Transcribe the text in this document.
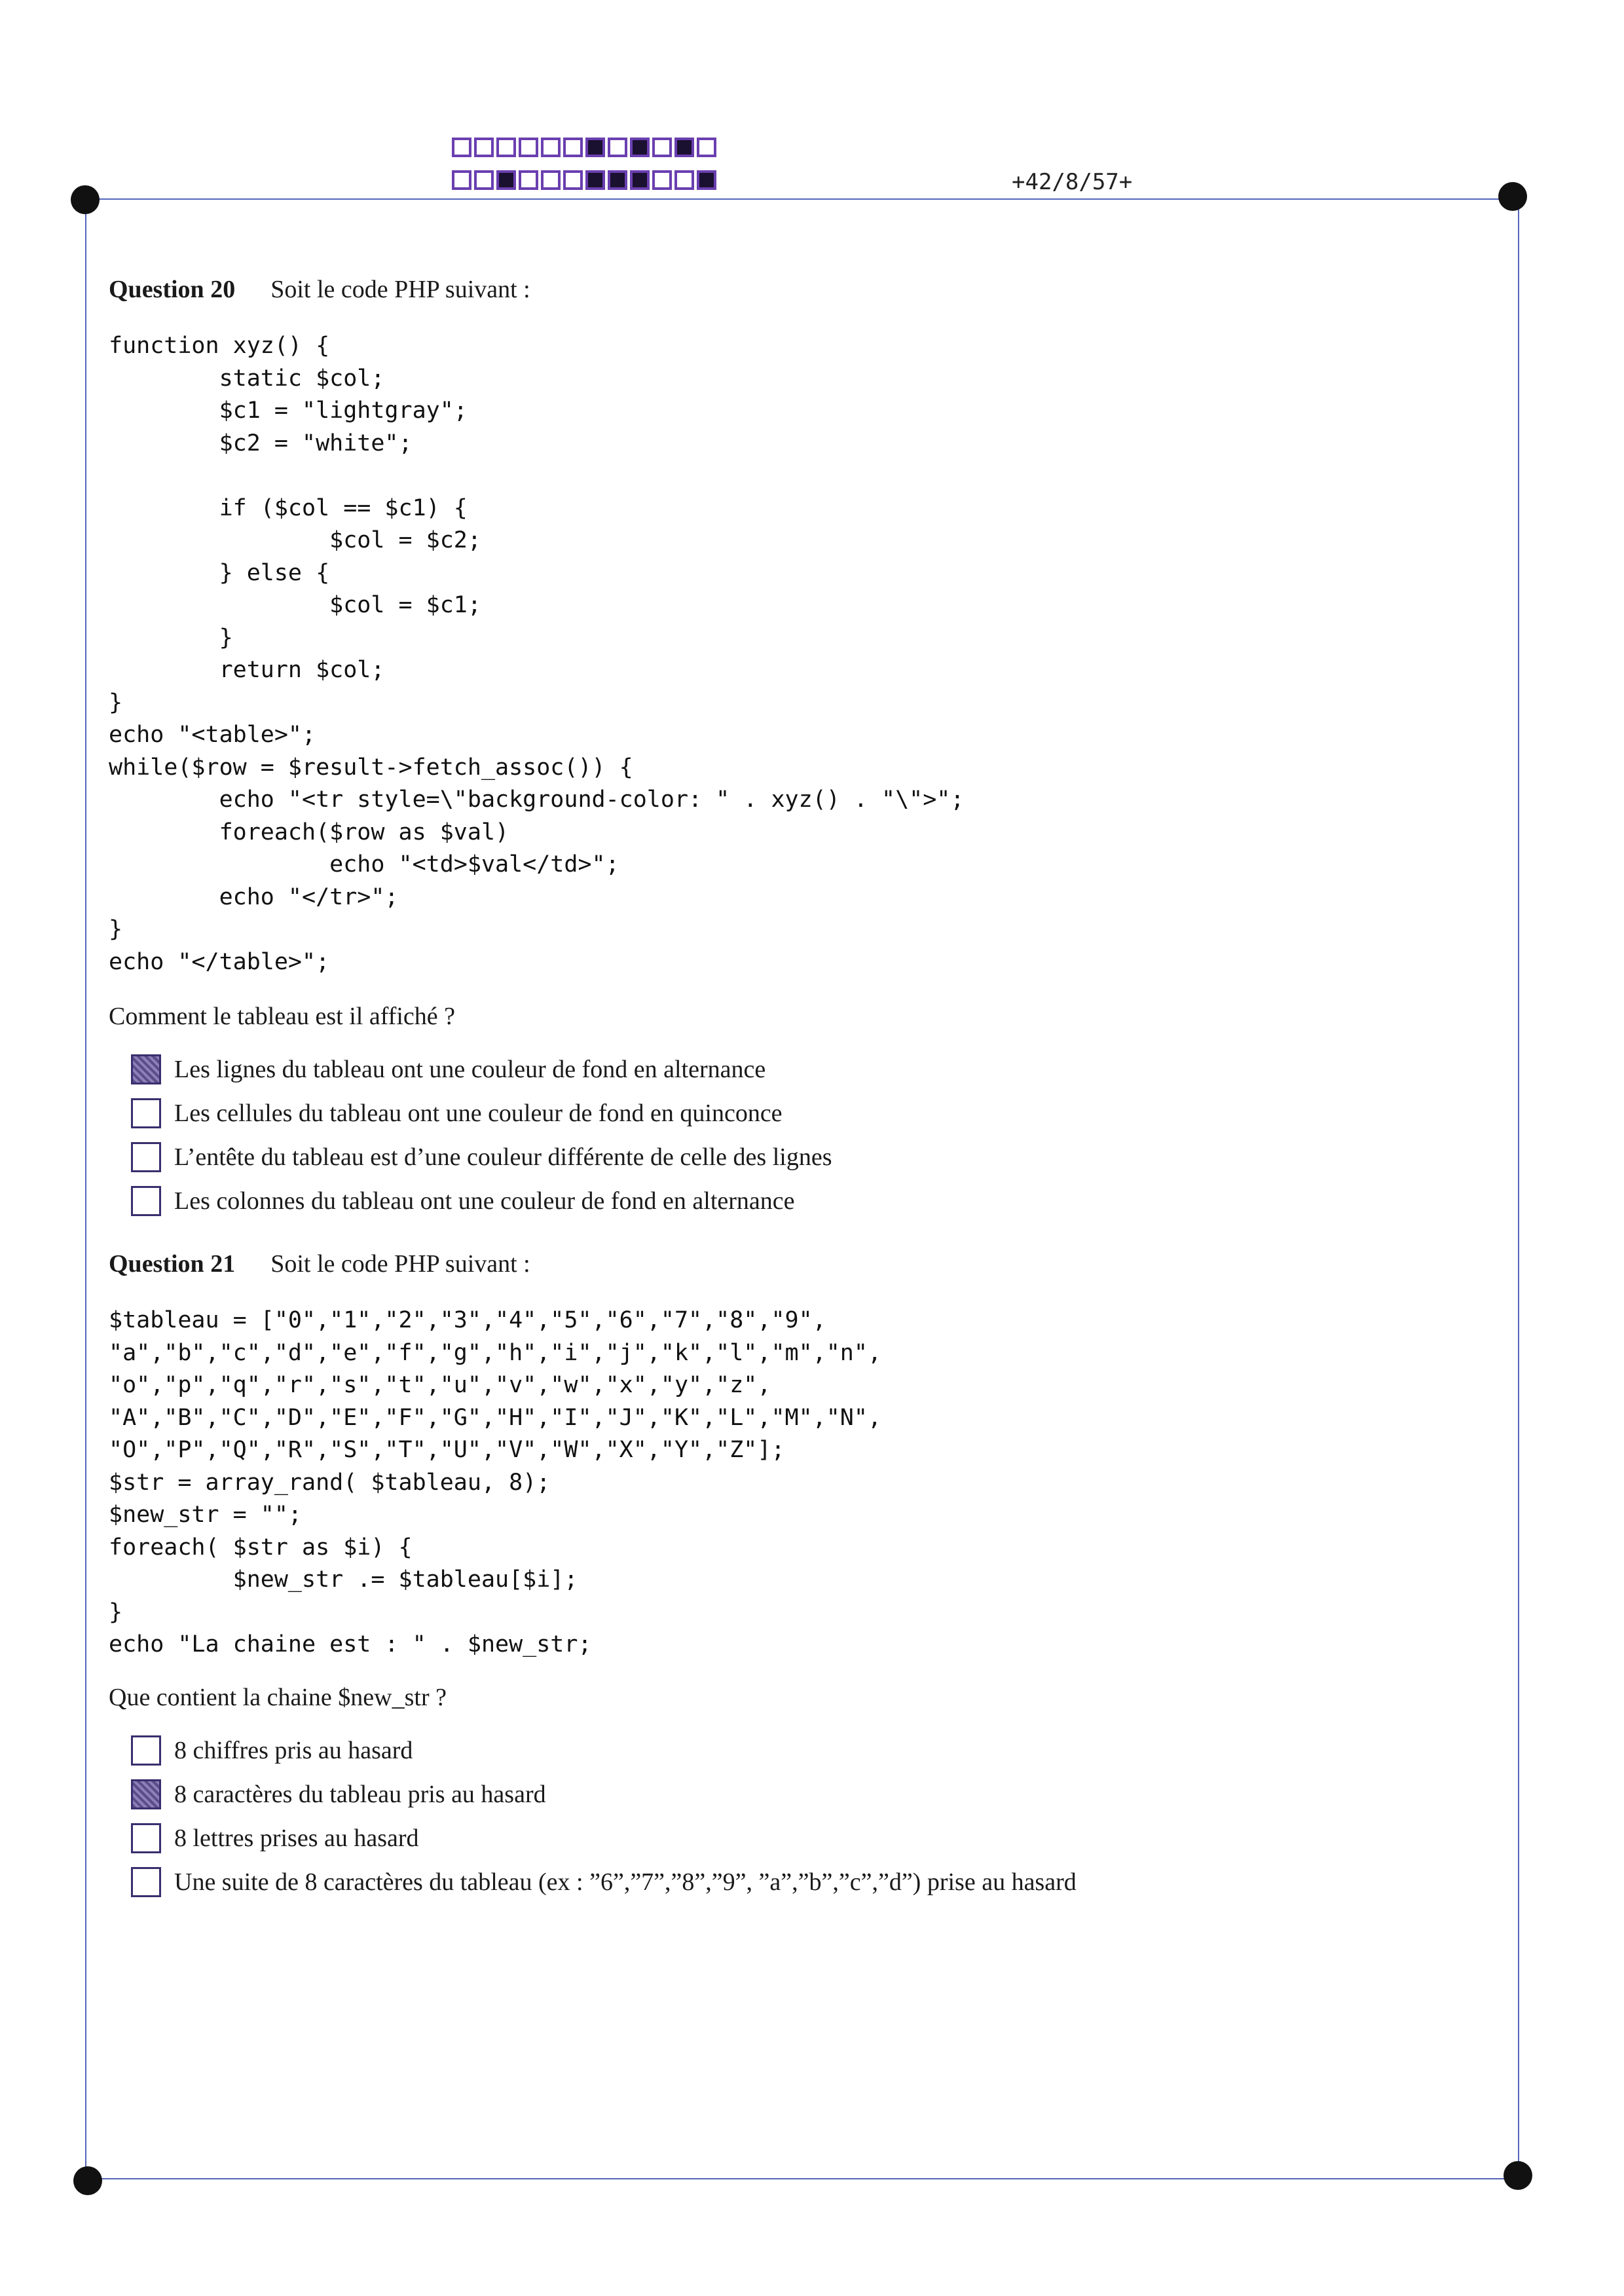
+42/8/57+
Question 20 Soit le code PHP suivant :
function xyz() {
static $col;
$c1 = "lightgray";
$c2 = "white";

if ($col == $c1) {
$col = $c2;
} else {
$col = $c1;
}
return $col;
}
echo "<table>";
while($row = $result->fetch_assoc()) {
echo "<tr style=\"background-color: " . xyz() . "\">";
foreach($row as $val)
echo "<td>$val</td>";
echo "</tr>";
}
echo "</table>";
Comment le tableau est il affiché ?
Les lignes du tableau ont une couleur de fond en alternance
Les cellules du tableau ont une couleur de fond en quinconce
L’entête du tableau est d’une couleur différente de celle des lignes
Les colonnes du tableau ont une couleur de fond en alternance
Question 21 Soit le code PHP suivant :
$tableau = ["0","1","2","3","4","5","6","7","8","9",
"a","b","c","d","e","f","g","h","i","j","k","l","m","n",
"o","p","q","r","s","t","u","v","w","x","y","z",
"A","B","C","D","E","F","G","H","I","J","K","L","M","N",
"O","P","Q","R","S","T","U","V","W","X","Y","Z"];
$str = array_rand( $tableau, 8);
$new_str = "";
foreach( $str as $i) {
$new_str .= $tableau[$i];
}
echo "La chaine est : " . $new_str;
Que contient la chaine $new_str ?
8 chiffres pris au hasard
8 caractères du tableau pris au hasard
8 lettres prises au hasard
Une suite de 8 caractères du tableau (ex : ”6”,”7”,”8”,”9”, ”a”,”b”,”c”,”d”) prise au hasard
